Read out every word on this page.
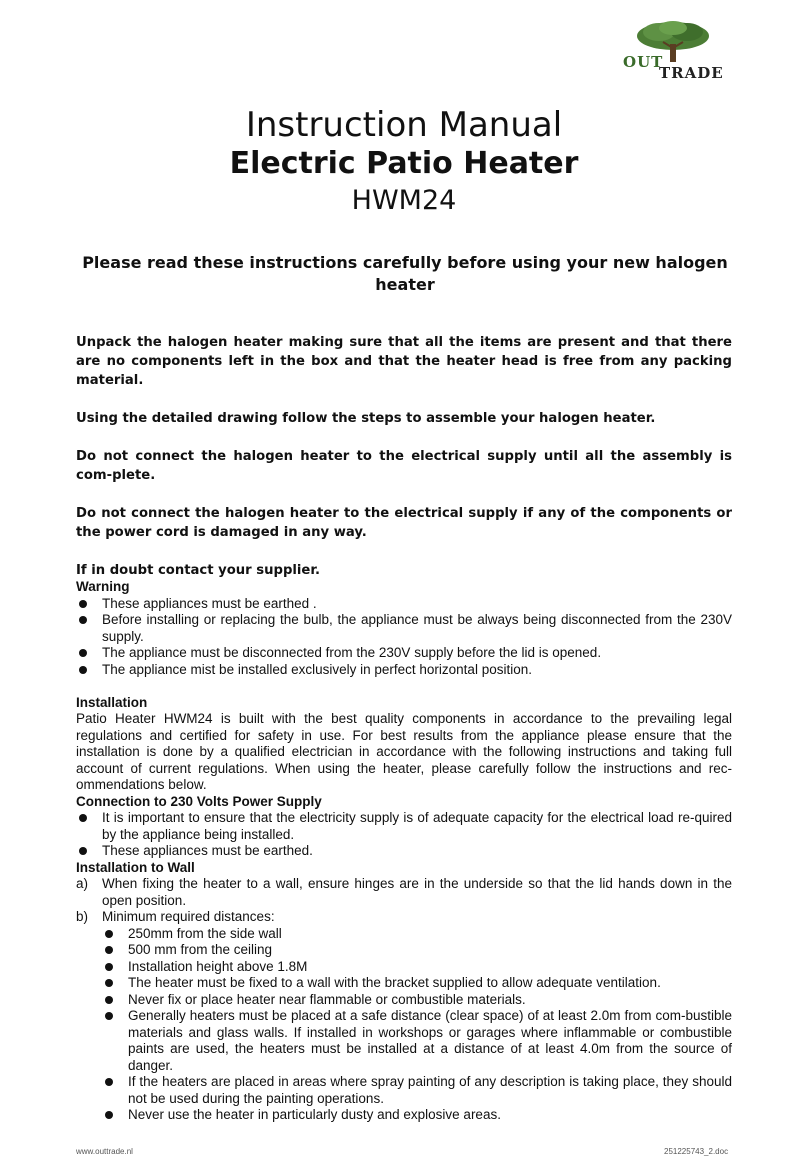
OUT
TRADE
Instruction Manual
Electric Patio Heater
HWM24
Please read these instructions carefully before using your new halogen heater

Unpack the halogen heater making sure that all the items are present and that there are no components left in the box and that the heater head is free from any packing material.

Using the detailed drawing follow the steps to assemble your halogen heater.

Do not connect the halogen heater to the electrical supply until all the assembly is com-plete.

Do not connect the halogen heater to the electrical supply if any of the components or the power cord is damaged in any way.

If in doubt contact your supplier.

Warning
These appliances must be earthed .
Before installing or replacing the bulb, the appliance must be always being disconnected from the 230V supply.
The appliance must be disconnected from the 230V supply before the lid is opened.
The appliance mist be installed exclusively in perfect horizontal position.
Installation
Patio Heater HWM24 is built with the best quality components in accordance to the prevailing legal regulations and certified for safety in use. For best results from the appliance please ensure that the installation is done by a qualified electrician in accordance with the following instructions and taking full account of current regulations. When using the heater, please carefully follow the instructions and rec-ommendations below.
Connection to 230 Volts Power Supply
It is important to ensure that the electricity supply is of adequate capacity for the electrical load re-quired by the appliance being installed.
These appliances must be earthed.
Installation to Wall
a) When fixing the heater to a wall, ensure hinges are in the underside so that the lid hands down in the open position.
b) Minimum required distances:
250mm from the side wall
500 mm from the ceiling
Installation height above 1.8M
The heater must be fixed to a wall with the bracket supplied to allow adequate ventilation.
Never fix or place heater near flammable or combustible materials.
Generally heaters must be placed at a safe distance (clear space) of at least 2.0m from com-bustible materials and glass walls. If installed in workshops or garages where inflammable or combustible paints are used, the heaters must be installed at a distance of at least 4.0m from the source of danger.
If the heaters are placed in areas where spray painting of any description is taking place, they should not be used during the painting operations.
Never use the heater in particularly dusty and explosive areas.
www.outtrade.nl	251225743_2.doc
